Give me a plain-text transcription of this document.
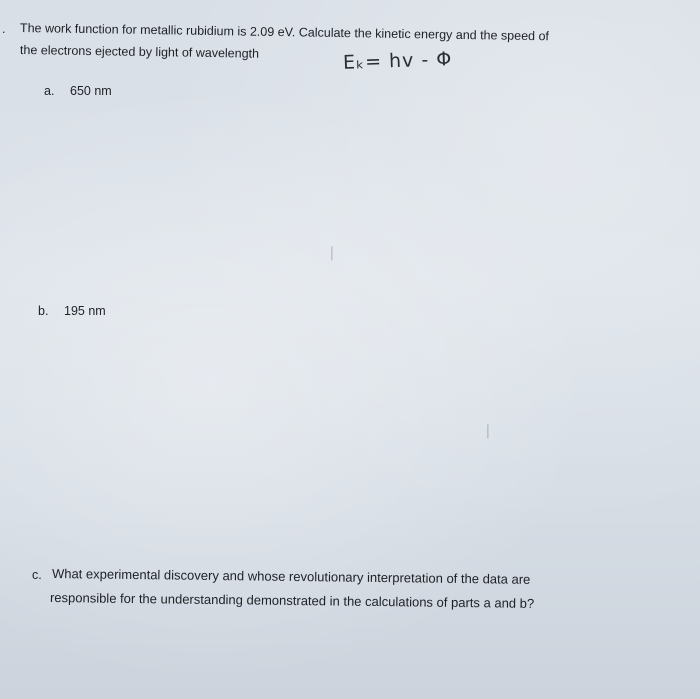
. The work function for metallic rubidium is 2.09 eV. Calculate the kinetic energy and the speed of
the electrons ejected by light of wavelength	Eₖ= hv - Φ
a. 650 nm
❘
b. 195 nm
❘
c. What experimental discovery and whose revolutionary interpretation of the data are
responsible for the understanding demonstrated in the calculations of parts a and b?
